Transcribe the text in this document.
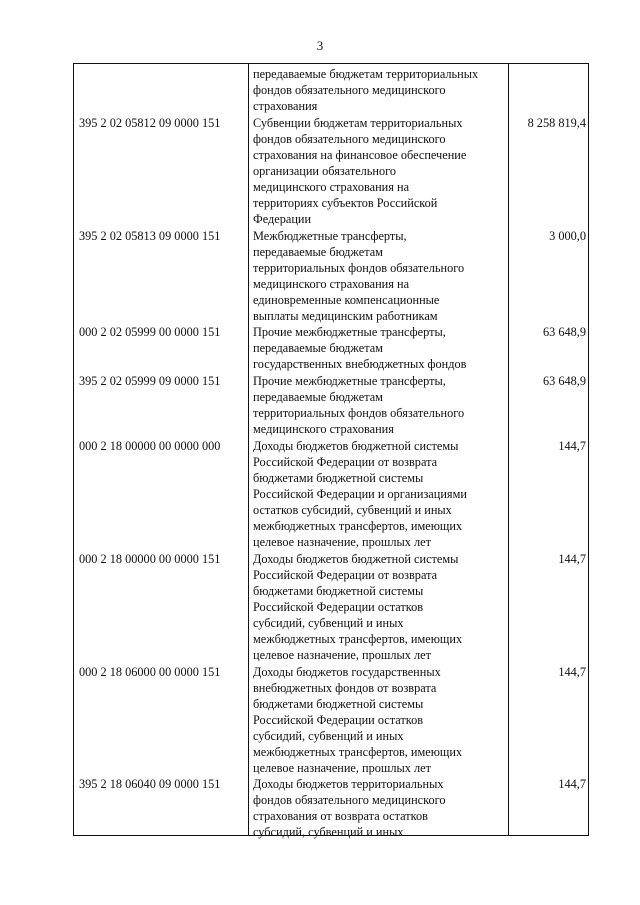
3
передаваемые бюджетам территориальных
фондов обязательного медицинского
страхования
395 2 02 05812 09 0000 151	Субвенции бюджетам территориальных
фондов обязательного медицинского
страхования на финансовое обеспечение
организации обязательного
медицинского страхования на
территориях субъектов Российской
Федерации
8 258 819,4
395 2 02 05813 09 0000 151	Межбюджетные трансферты,
передаваемые бюджетам
территориальных фондов обязательного
медицинского страхования на
единовременные компенсационные
выплаты медицинским работникам
3 000,0
000 2 02 05999 00 0000 151	Прочие межбюджетные трансферты,
передаваемые бюджетам
государственных внебюджетных фондов
63 648,9
395 2 02 05999 09 0000 151	Прочие межбюджетные трансферты,
передаваемые бюджетам
территориальных фондов обязательного
медицинского страхования
63 648,9
000 2 18 00000 00 0000 000	Доходы бюджетов бюджетной системы
Российской Федерации от возврата
бюджетами бюджетной системы
Российской Федерации и организациями
остатков субсидий, субвенций и иных
межбюджетных трансфертов, имеющих
целевое назначение, прошлых лет
144,7
000 2 18 00000 00 0000 151	Доходы бюджетов бюджетной системы
Российской Федерации от возврата
бюджетами бюджетной системы
Российской Федерации остатков
субсидий, субвенций и иных
межбюджетных трансфертов, имеющих
целевое назначение, прошлых лет
144,7
000 2 18 06000 00 0000 151	Доходы бюджетов государственных
внебюджетных фондов от возврата
бюджетами бюджетной системы
Российской Федерации остатков
субсидий, субвенций и иных
межбюджетных трансфертов, имеющих
целевое назначение, прошлых лет
144,7
395 2 18 06040 09 0000 151	Доходы бюджетов территориальных
фондов обязательного медицинского
страхования от возврата остатков
субсидий, субвенций и иных
144,7
